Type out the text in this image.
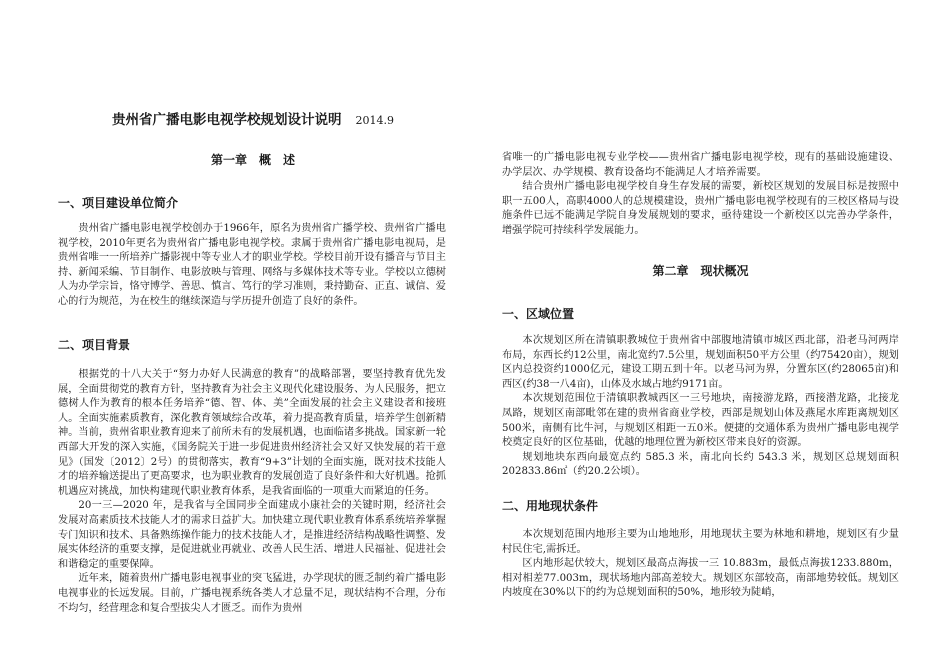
贵州省广播电影电视学校规划设计说明 2014.9
第一章　概　述
一、项目建设单位简介

贵州省广播电影电视学校创办于1966年，原名为贵州省广播学校、贵州省广播电视学校，2010年更名为贵州省广播电影电视学校。隶属于贵州省广播电影电视局，是贵州省唯一一所培养广播影视中等专业人才的职业学校。学校目前开设有播音与节目主持、新闻采编、节目制作、电影放映与管理、网络与多媒体技术等专业。学校以立德树人为办学宗旨，恪守博学、善思、慎言、笃行的学习准则，秉持勤奋、正直、诚信、爱心的行为规范，为在校生的继续深造与学历提升创造了良好的条件。

二、项目背景

根据党的十八大关于“努力办好人民满意的教育”的战略部署，要坚持教育优先发展，全面贯彻党的教育方针，坚持教育为社会主义现代化建设服务、为人民服务，把立德树人作为教育的根本任务培养“德、智、体、美”全面发展的社会主义建设者和接班人。全面实施素质教育，深化教育领域综合改革，着力提高教育质量，培养学生创新精神。当前，贵州省职业教育迎来了前所未有的发展机遇，也面临诸多挑战。国家新一轮西部大开发的深入实施，《国务院关于进一步促进贵州经济社会又好又快发展的若干意见》（国发〔2012〕2号）的贯彻落实，教育“9+3”计划的全面实施，既对技术技能人才的培养输送提出了更高要求，也为职业教育的发展创造了良好条件和大好机遇。抢抓机遇应对挑战，加快构建现代职业教育体系，是我省面临的一项重大而紧迫的任务。

20一三—2020 年，是我省与全国同步全面建成小康社会的关键时期，经济社会发展对高素质技术技能人才的需求日益扩大。加快建立现代职业教育体系系统培养掌握专门知识和技术、具备熟练操作能力的技术技能人才，是推进经济结构战略性调整、发展实体经济的重要支撑，是促进就业再就业、改善人民生活、增进人民福祉、促进社会和谐稳定的重要保障。

近年来，随着贵州广播电影电视事业的突飞猛进，办学现状的匮乏制约着广播电影电视事业的长远发展。目前，广播电视系统各类人才总量不足，现状结构不合理，分布不均匀，经营理念和复合型拔尖人才匮乏。而作为贵州

省唯一的广播电影电视专业学校——贵州省广播电影电视学校，现有的基础设施建设、办学层次、办学规模、教育设备均不能满足人才培养需要。

结合贵州广播电影电视学校自身生存发展的需要，新校区规划的发展目标是按照中职一五00人，高职4000人的总规模建设，贵州广播电影电视学校现有的三校区格局与设施条件已远不能满足学院自身发展规划的要求，亟待建设一个新校区以完善办学条件，增强学院可持续科学发展能力。

第二章　现状概况
一、区域位置

本次规划区所在清镇职教城位于贵州省中部腹地清镇市城区西北部，沿老马河两岸布局，东西长约12公里，南北宽约7.5公里，规划面积50平方公里（约75420亩），规划区内总投资约1000亿元，建设工期五到十年。以老马河为界，分置东区(约28065亩)和西区(约38一八4亩)，山体及水域占地约9171亩。

本次规划范围位于清镇职教城西区一三号地块，南接游龙路，西接潜龙路，北接龙凤路，规划区南部毗邻在建的贵州省商业学校，西部是规划山体及燕尾水库距离规划区500米，南侧有比牛河，与规划区相距一五0米。便捷的交通体系为贵州广播电影电视学校奠定良好的区位基础，优越的地理位置为新校区带来良好的资源。

规划地块东西向最宽点约 585.3 米，南北向长约 543.3 米，规划区总规划面积202833.86㎡（约20.2公顷）。

二、用地现状条件

本次规划范围内地形主要为山地地形，用地现状主要为林地和耕地，规划区有少量村民住宅,需拆迁。

区内地形起伏较大，规划区最高点海拔一三 10.883m，最低点海拔1233.880m，相对相差77.003m，现状场地内部高差较大。规划区东部较高，南部地势较低。规划区内坡度在30%以下的约为总规划面积的50%，地形较为陡峭，
